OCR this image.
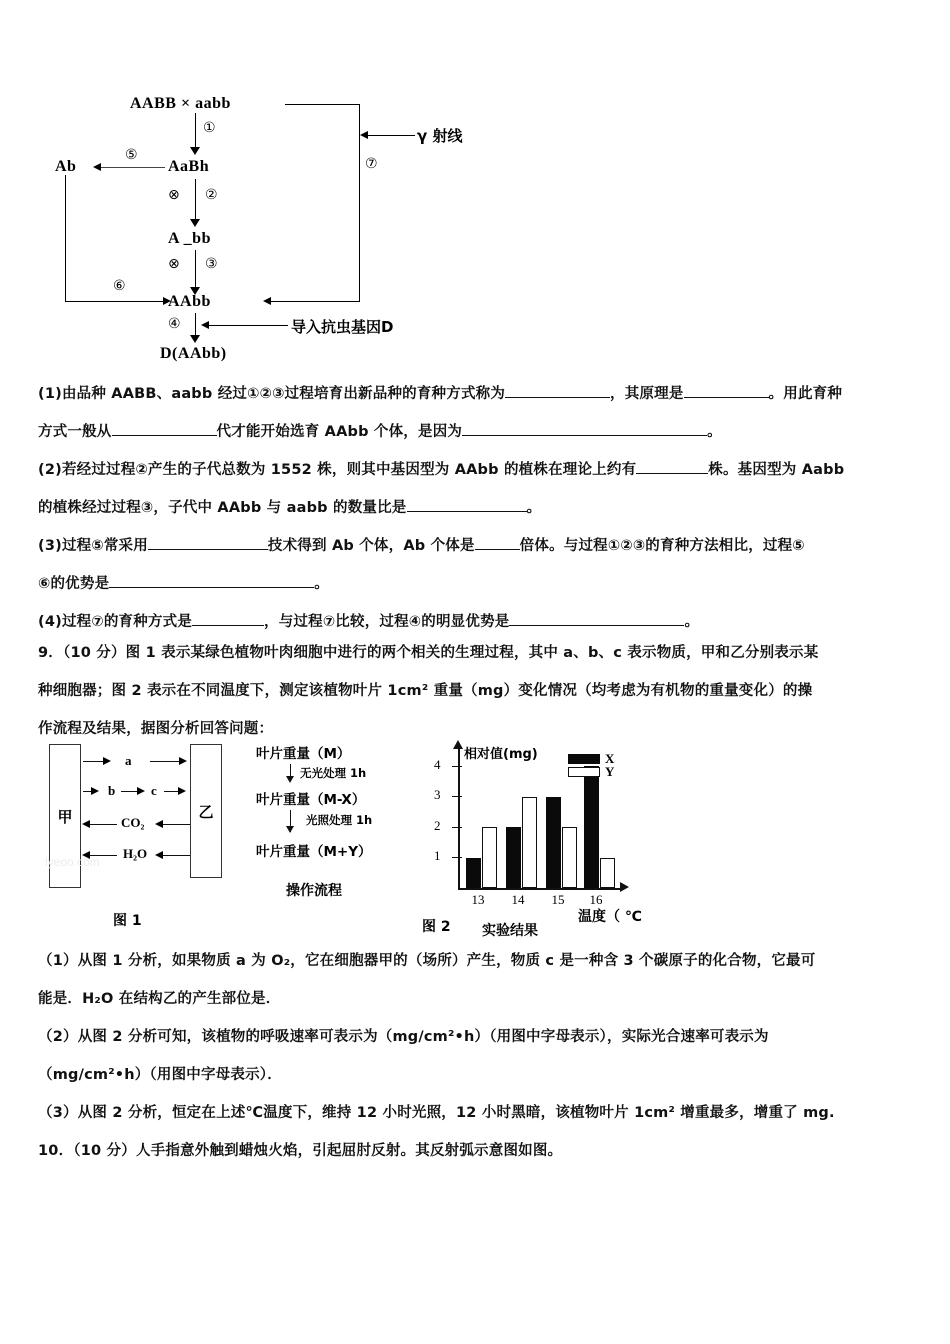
AABB × aabb
γ 射线
⑦
①
AaBh
Ab
⑤
⑥
⊗ ②
A _bb
⊗ ③
AAbb
④	导入抗虫基因D
D(AAbb)
(1)由品种 AABB、aabb 经过①②③过程培育出新品种的育种方式称为	，其原理是	。用此育种
方式一般从	代才能开始选育 AAbb 个体，是因为	。
(2)若经过过程②产生的子代总数为 1552 株，则其中基因型为 AAbb 的植株在理论上约有	株。基因型为 Aabb
的植株经过过程③，子代中 AAbb 与 aabb 的数量比是	。
(3)过程⑤常采用	技术得到 Ab 个体，Ab 个体是	倍体。与过程①②③的育种方法相比，过程⑤
⑥的优势是	。
(4)过程⑦的育种方式是	，与过程⑦比较，过程④的明显优势是	。
9．（10 分）图 1 表示某绿色植物叶肉细胞中进行的两个相关的生理过程，其中 a、b、c 表示物质，甲和乙分别表示某
种细胞器；图 2 表示在不同温度下，测定该植物叶片 1cm² 重量（mg）变化情况（均考虑为有机物的重量变化）的操
作流程及结果，据图分析回答问题：
甲	乙
a
b	c
CO₂
H₂O
图 1
叶片重量（M）
无光处理 1h
叶片重量（M-X）
光照处理 1h
叶片重量（M+Y）
操作流程
相对值(mg)
4
3
2
1
13	14	15	16
温度（ ℃
X
Y
实验结果
图 2
lyeoo.com
（1）从图 1 分析，如果物质 a 为 O₂，它在细胞器甲的（场所）产生，物质 c 是一种含 3 个碳原子的化合物，它最可
能是．H₂O 在结构乙的产生部位是．
（2）从图 2 分析可知，该植物的呼吸速率可表示为（mg/cm²•h）（用图中字母表示），实际光合速率可表示为
（mg/cm²•h）（用图中字母表示）．
（3）从图 2 分析，恒定在上述℃温度下，维持 12 小时光照，12 小时黑暗，该植物叶片 1cm² 增重最多，增重了 mg.
10．（10 分）人手指意外触到蜡烛火焰，引起屈肘反射。其反射弧示意图如图。
